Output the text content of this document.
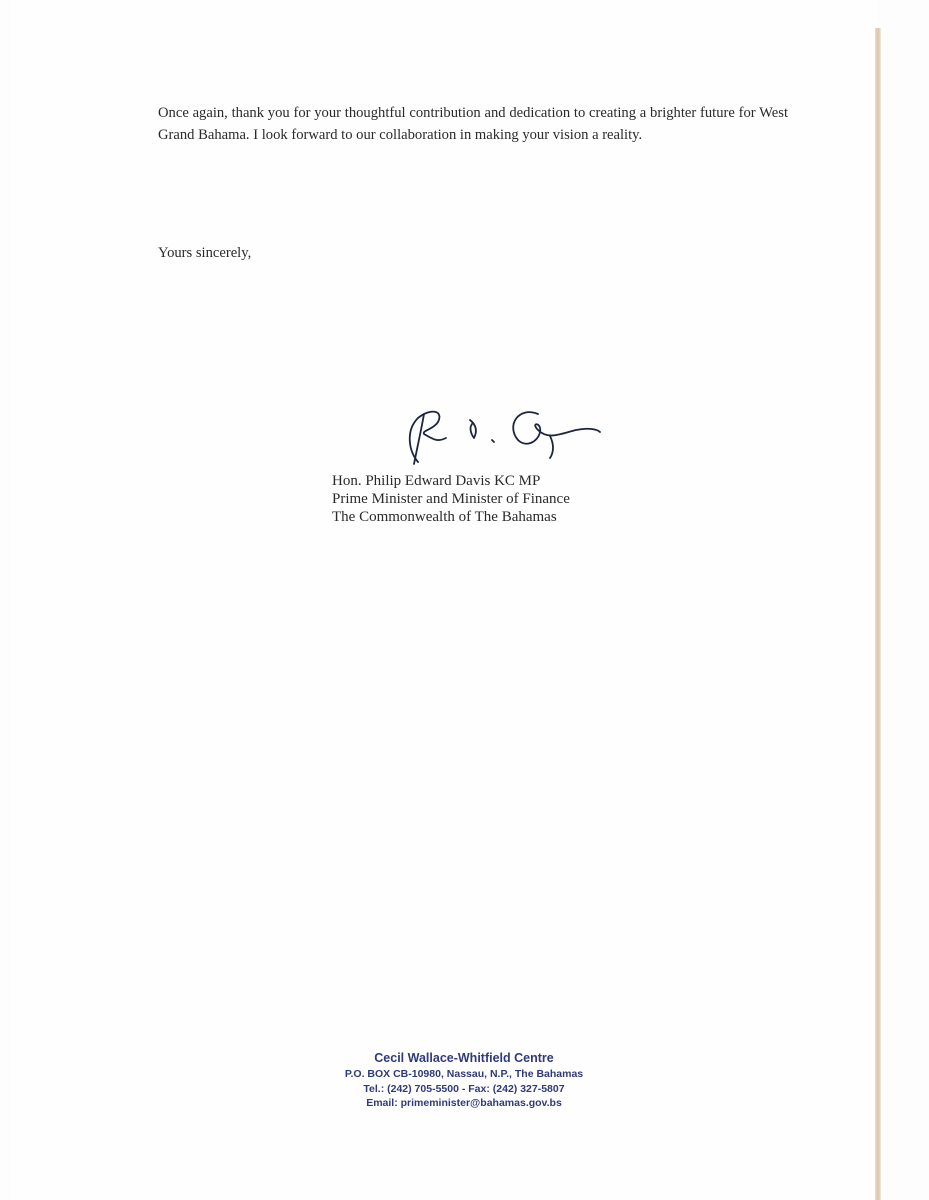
Once again, thank you for your thoughtful contribution and dedication to creating a brighter future for West Grand Bahama. I look forward to our collaboration in making your vision a reality.

Yours sincerely,

Hon. Philip Edward Davis KC MP
Prime Minister and Minister of Finance
The Commonwealth of The Bahamas
Cecil Wallace-Whitfield Centre
P.O. BOX CB-10980, Nassau, N.P., The Bahamas
Tel.: (242) 705-5500 - Fax: (242) 327-5807
Email: primeminister@bahamas.gov.bs
